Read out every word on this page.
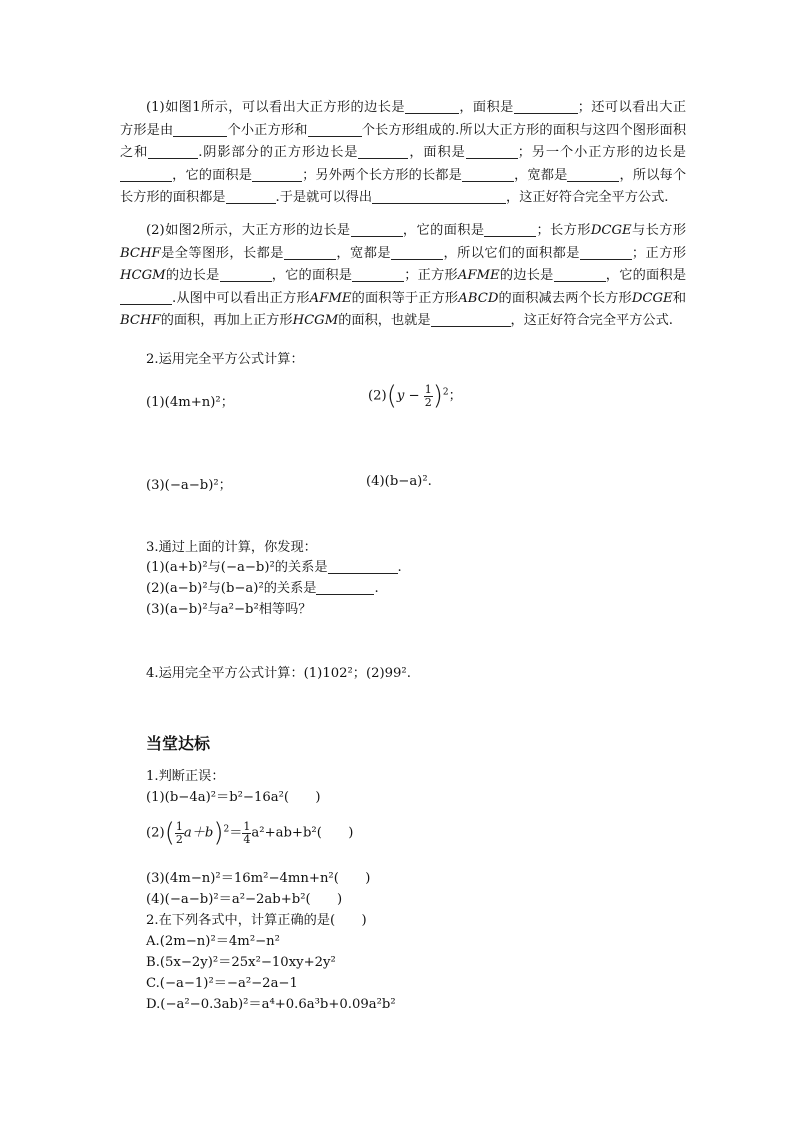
(1)如图1所示，可以看出大正方形的边长是	，面积是	；还可以看出大正方形是由	个小正方形和	个长方形组成的.所以大正方形的面积与这四个图形面积之和	.阴影部分的正方形边长是	，面积是	；另一个小正方形的边长是，它的面积是	；另外两个长方形的长都是	，宽都是	，所以每个长方形的面积都是	.于是就可以得出	，这正好符合完全平方公式.
(2)如图2所示，大正方形的边长是	，它的面积是	；长方形DCGE与长方形BCHF是全等图形，长都是	，宽都是	，所以它们的面积都是	；正方形HCGM的边长是	，它的面积是	；正方形AFME的边长是	，它的面积是.从图中可以看出正方形AFME的面积等于正方形ABCD的面积减去两个长方形DCGE和BCHF的面积，再加上正方形HCGM的面积，也就是	，这正好符合完全平方公式.
2.运用完全平方公式计算：
(1)(4m+n)²；	$(2)(y - \frac{1}{2} )^2$；
(3)(−a−b)²；	(4)(b−a)².
3.通过上面的计算，你发现：
(1)(a+b)²与(−a−b)²的关系是	.
(2)(a−b)²与(b−a)²的关系是	.
(3)(a−b)²与a²−b²相等吗？
4.运用完全平方公式计算：(1)102²；(2)99².
当堂达标
1.判断正误：
(1)(b−4a)²＝b²−16a²(　　)
$(2)( \frac{1}{2} a+b)^2= \frac{1}{4} a^2+ab+b^2$(　　)
(3)(4m−n)²＝16m²−4mn+n²(　　)
(4)(−a−b)²＝a²−2ab+b²(　　)
2.在下列各式中，计算正确的是(　　)
A.(2m−n)²＝4m²−n²
B.(5x−2y)²＝25x²−10xy+2y²
C.(−a−1)²＝−a²−2a−1
D.(−a²−0.3ab)²＝a⁴+0.6a³b+0.09a²b²
